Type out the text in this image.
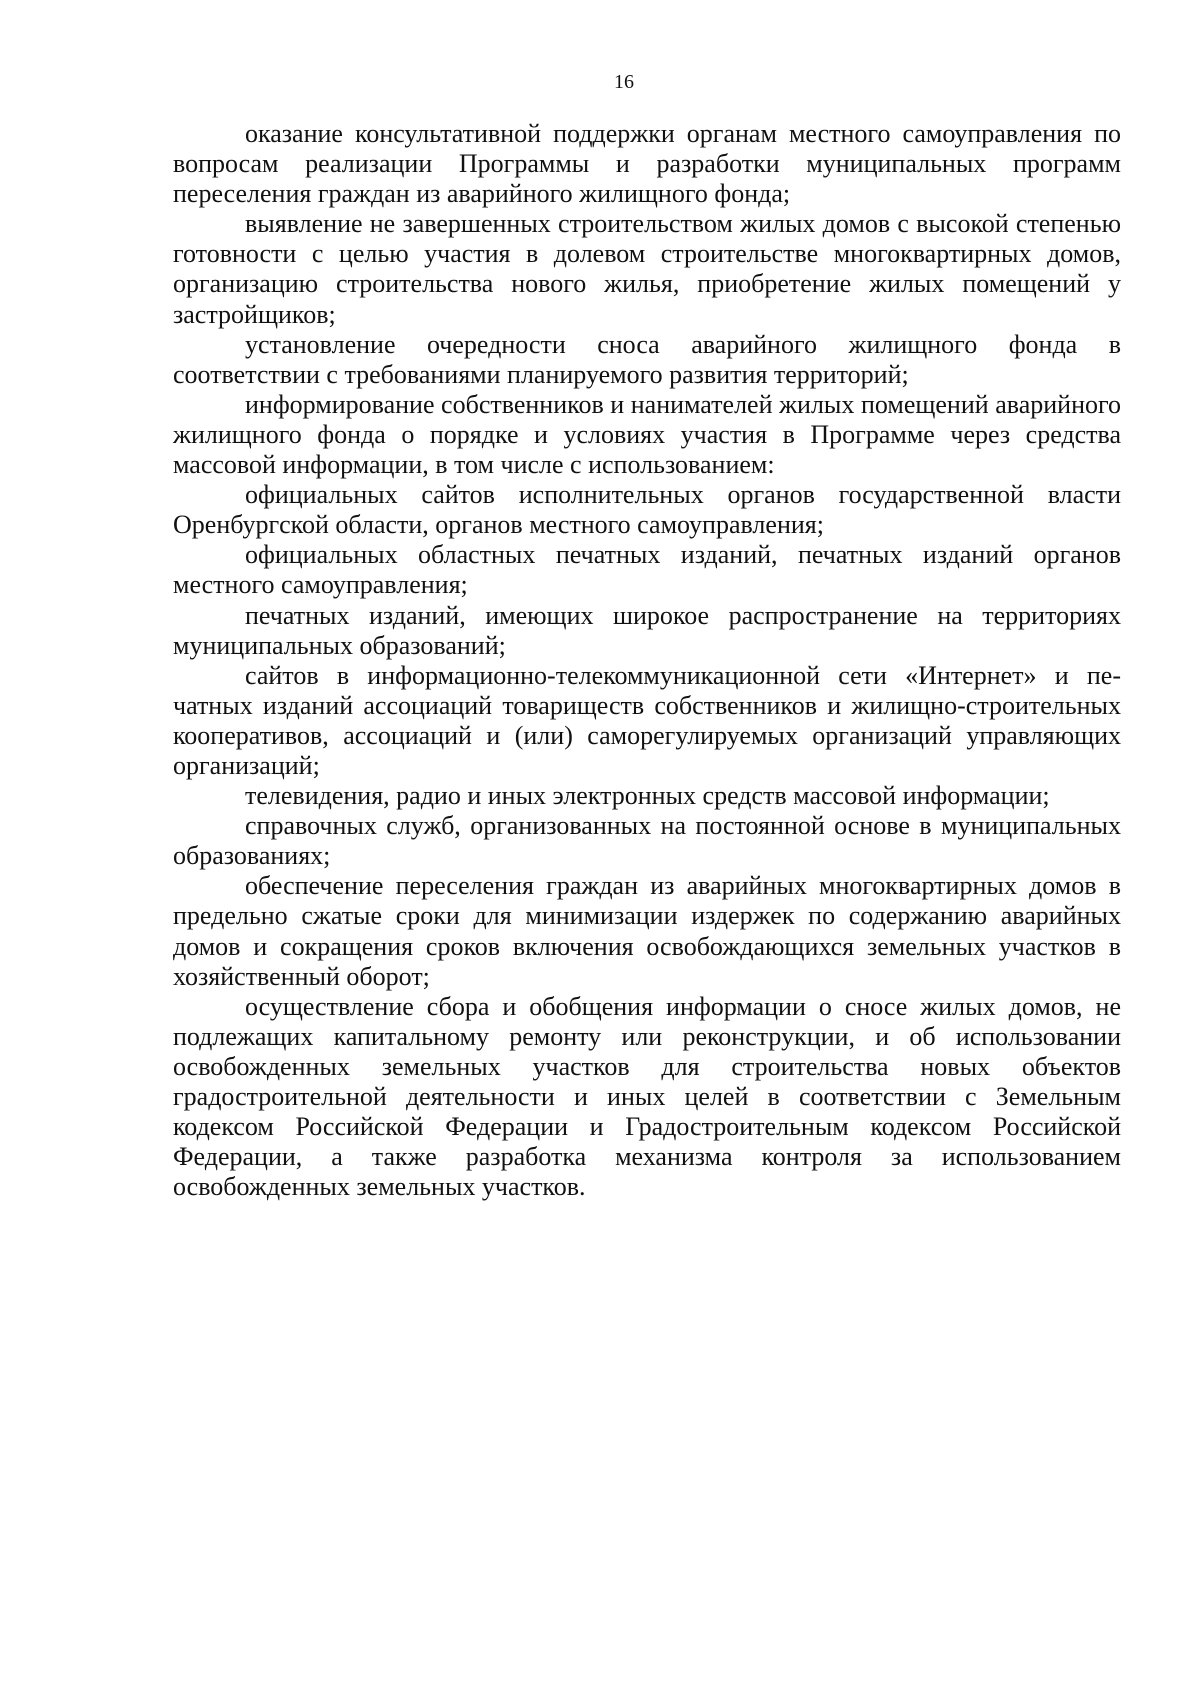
16

оказание консультативной поддержки органам местного самоуправления по вопросам реализации Программы и разработки муниципальных программ переселения граждан из аварийного жилищного фонда;

выявление не завершенных строительством жилых домов с высокой степенью готовности с целью участия в долевом строительстве многоквартирных домов, организацию строительства нового жилья, приобретение жилых помещений у застройщиков;

установление очередности сноса аварийного жилищного фонда в соответствии с требованиями планируемого развития территорий;

информирование собственников и нанимателей жилых помещений аварийного жилищного фонда о порядке и условиях участия в Программе через средства массовой информации, в том числе с использованием:

официальных сайтов исполнительных органов государственной власти Оренбургской области, органов местного самоуправления;

официальных областных печатных изданий, печатных изданий органов местного самоуправления;

печатных изданий, имеющих широкое распространение на территориях муниципальных образований;

сайтов в информационно-телекоммуникационной сети «Интернет» и печатных изданий ассоциаций товариществ собственников и жилищно-строительных кооперативов, ассоциаций и (или) саморегулируемых организаций управляющих организаций;

телевидения, радио и иных электронных средств массовой информации;

справочных служб, организованных на постоянной основе в муниципальных образованиях;

обеспечение переселения граждан из аварийных многоквартирных домов в предельно сжатые сроки для минимизации издержек по содержанию аварийных домов и сокращения сроков включения освобождающихся земельных участков в хозяйственный оборот;

осуществление сбора и обобщения информации о сносе жилых домов, не подлежащих капитальному ремонту или реконструкции, и об использовании освобожденных земельных участков для строительства новых объектов градостроительной деятельности и иных целей в соответствии с Земельным кодексом Российской Федерации и Градостроительным кодексом Российской Федерации, а также разработка механизма контроля за использованием освобожденных земельных участков.
